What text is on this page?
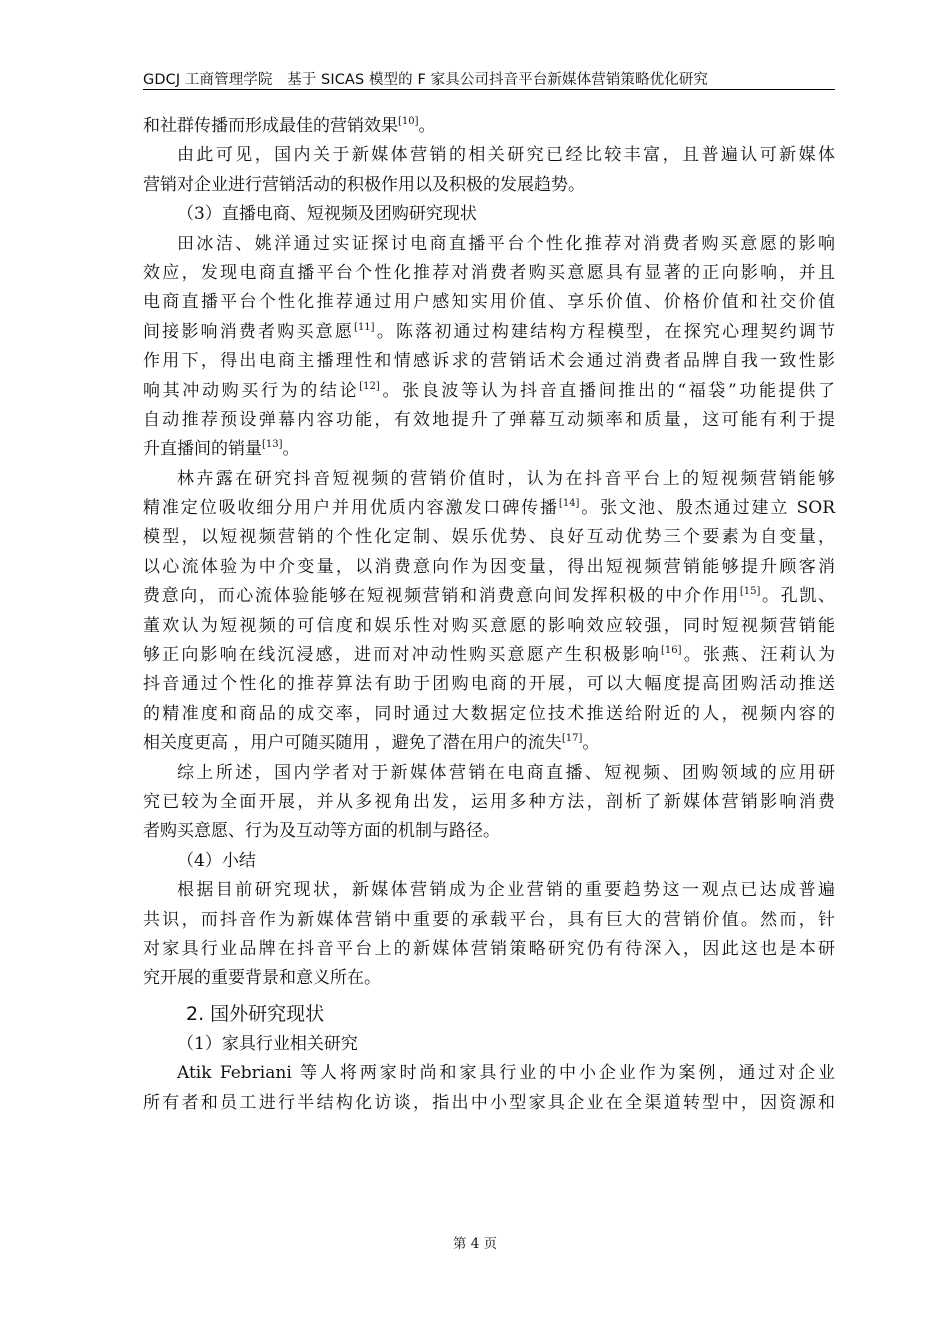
GDCJ 工商管理学院　基于 SICAS 模型的 F 家具公司抖音平台新媒体营销策略优化研究
和社群传播而形成最佳的营销效果[10]。
由此可见，国内关于新媒体营销的相关研究已经比较丰富，且普遍认可新媒体
营销对企业进行营销活动的积极作用以及积极的发展趋势。
（3）直播电商、短视频及团购研究现状
田冰洁、姚洋通过实证探讨电商直播平台个性化推荐对消费者购买意愿的影响
效应，发现电商直播平台个性化推荐对消费者购买意愿具有显著的正向影响，并且
电商直播平台个性化推荐通过用户感知实用价值、享乐价值、价格价值和社交价值
间接影响消费者购买意愿[11]。陈落初通过构建结构方程模型，在探究心理契约调节
作用下，得出电商主播理性和情感诉求的营销话术会通过消费者品牌自我一致性影
响其冲动购买行为的结论[12]。张良波等认为抖音直播间推出的“福袋”功能提供了
自动推荐预设弹幕内容功能，有效地提升了弹幕互动频率和质量，这可能有利于提
升直播间的销量[13]。
林卉露在研究抖音短视频的营销价值时，认为在抖音平台上的短视频营销能够
精准定位吸收细分用户并用优质内容激发口碑传播[14]。张文池、殷杰通过建立 SOR
模型，以短视频营销的个性化定制、娱乐优势、良好互动优势三个要素为自变量，
以心流体验为中介变量，以消费意向作为因变量，得出短视频营销能够提升顾客消
费意向，而心流体验能够在短视频营销和消费意向间发挥积极的中介作用[15]。孔凯、
董欢认为短视频的可信度和娱乐性对购买意愿的影响效应较强，同时短视频营销能
够正向影响在线沉浸感，进而对冲动性购买意愿产生积极影响[16]。张燕、汪莉认为
抖音通过个性化的推荐算法有助于团购电商的开展，可以大幅度提高团购活动推送
的精准度和商品的成交率，同时通过大数据定位技术推送给附近的人，视频内容的
相关度更高 ，用户可随买随用 ，避免了潜在用户的流失[17]。
综上所述，国内学者对于新媒体营销在电商直播、短视频、团购领域的应用研
究已较为全面开展，并从多视角出发，运用多种方法，剖析了新媒体营销影响消费
者购买意愿、行为及互动等方面的机制与路径。
（4）小结
根据目前研究现状，新媒体营销成为企业营销的重要趋势这一观点已达成普遍
共识，而抖音作为新媒体营销中重要的承载平台，具有巨大的营销价值。然而，针
对家具行业品牌在抖音平台上的新媒体营销策略研究仍有待深入，因此这也是本研
究开展的重要背景和意义所在。
2. 国外研究现状
（1）家具行业相关研究
Atik Febriani 等人将两家时尚和家具行业的中小企业作为案例，通过对企业
所有者和员工进行半结构化访谈，指出中小型家具企业在全渠道转型中，因资源和
第 4 页
